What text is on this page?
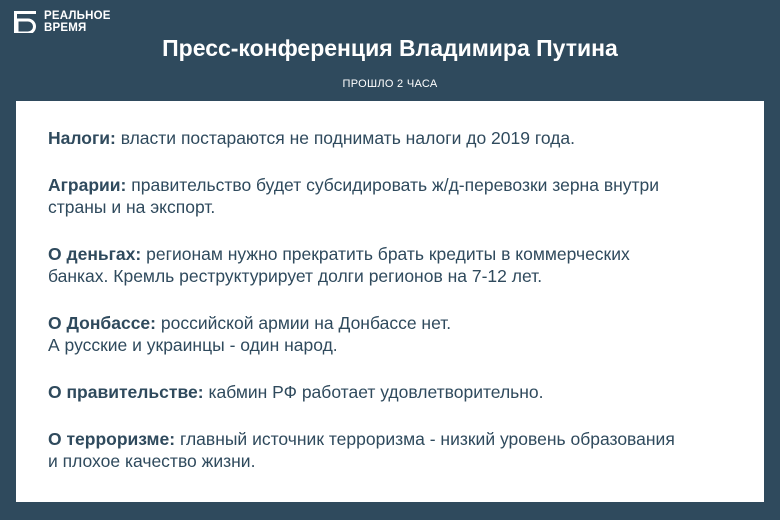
РЕАЛЬНОЕ
ВРЕМЯ
Пресс-конференция Владимира Путина
ПРОШЛО 2 ЧАСА
Налоги: власти постараются не поднимать налоги до 2019 года.
Аграрии: правительство будет субсидировать ж/д-перевозки зерна внутри
страны и на экспорт.
О деньгах: регионам нужно прекратить брать кредиты в коммерческих
банках. Кремль реструктурирует долги регионов на 7-12 лет.
О Донбассе: российской армии на Донбассе нет.
А русские и украинцы - один народ.
О правительстве: кабмин РФ работает удовлетворительно.
О терроризме: главный источник терроризма - низкий уровень образования
и плохое качество жизни.
